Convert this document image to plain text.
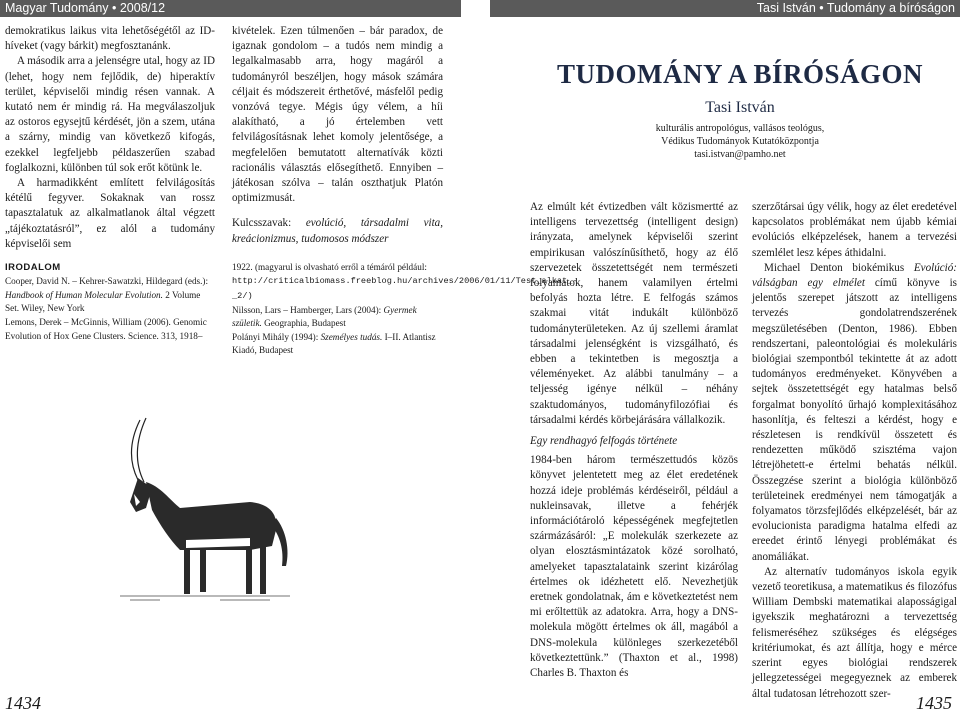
Magyar Tudomány • 2008/12	Tasi István • Tudomány a bíróságon

demokratikus laikus vita lehetőségétől az ID-híveket (vagy bárkit) megfosztanánk.

A második arra a jelenségre utal, hogy az ID (lehet, hogy nem fejlődik, de) hiperaktív terület, képviselői mindig résen vannak. A kutató nem ér mindig rá. Ha megválaszoljuk az ostoros egysejtű kérdését, jön a szem, utána a szárny, mindig van következő kifogás, ezekkel legfeljebb példaszerűen szabad foglalkozni, különben túl sok erőt kötünk le.

A harmadikként említett felvilágosítás kétélű fegyver. Sokaknak van rossz tapasztalatuk az alkalmatlanok által végzett „tájékoztatásról”, ez alól a tudomány képviselői sem

IRODALOM

Cooper, David N. – Kehrer-Sawatzki, Hildegard (eds.): Handbook of Human Molecular Evolution. 2 Volume Set. Wiley, New York

Lemons, Derek – McGinnis, William (2006). Genomic Evolution of Hox Gene Clusters. Science. 313, 1918–

kivételek. Ezen túlmenően – bár paradox, de igaznak gondolom – a tudós nem mindig a legalkalmasabb arra, hogy magáról a tudományról beszéljen, hogy mások számára céljait és módszereit érthetővé, másfelől pedig vonzóvá tegye. Mégis úgy vélem, a híi alakítható, a jó értelemben vett felvilágosításnak lehet komoly jelentősége, a megfelelően bemutatott alternatívák közti racionális választás elősegíthető. Ennyiben – játékosan szólva – talán oszthatjuk Platón optimizmusát.

Kulcsszavak: evolúció, társadalmi vita, kreácionizmus, tudomosos módszer

1922. (magyarul is olvasható erről a témáról például: http://criticalbiomass.freeblog.hu/archives/2006/01/11/Test_alkat_-_2/)

Nilsson, Lars – Hamberger, Lars (2004): Gyermek születik. Geographia, Budapest

Polányi Mihály (1994): Személyes tudás. I–II. Atlantisz Kiadó, Budapest

TUDOMÁNY A BÍRÓSÁGON
Tasi István
kulturális antropológus, vallásos teológus,
Védikus Tudományok Kutatóközpontja
tasi.istvan@pamho.net

Az elmúlt két évtizedben vált közismertté az intelligens tervezettség (intelligent design) irányzata, amelynek képviselői szerint empirikusan valószínűsíthető, hogy az élő szervezetek összetettségét nem természeti folyamatok, hanem valamilyen értelmi befolyás hozta létre. E felfogás számos szakmai vitát indukált különböző tudományterületeken. Az új szellemi áramlat társadalmi jelenségként is vizsgálható, és ebben a tekintetben is megosztja a véleményeket. Az alábbi tanulmány – a teljesség igénye nélkül – néhány szaktudományos, tudományfilozófiai és társadalmi kérdés körbejárására vállalkozik.

Egy rendhagyó felfogás története

1984-ben három természettudós közös könyvet jelentetett meg az élet eredetének hozzá ideje problémás kérdéseiről, például a nukleinsavak, illetve a fehérjék információtároló képességének megfejtetlen szármázásáról: „E molekulák szerkezete az olyan elosztásmintázatok közé sorolható, amelyeket tapasztalataink szerint kizárólag értelmes ok idézhetett elő. Nevezhetjük eretnek gondolatnak, ám e következtetést nem mi erőltettük az adatokra. Arra, hogy a DNS-molekula mögött értelmes ok áll, magából a DNS-molekula különleges szerkezetéből következtettünk.” (Thaxton et al., 1998) Charles B. Thaxton és

szerzőtársai úgy vélik, hogy az élet eredetével kapcsolatos problémákat nem újabb kémiai evolúciós elképzelések, hanem a tervezési szemlélet lesz képes áthidalni.

Michael Denton biokémikus Evolúció: válságban egy elmélet című könyve is jelentős szerepet játszott az intelligens tervezés gondolatrendszerének megszületésében (Denton, 1986). Ebben rendszertani, paleontológiai és molekuláris biológiai szempontból tekintette át az adott tudományos eredményeket. Könyvében a sejtek összetettségét egy hatalmas belső forgalmat bonyolító űrhajó komplexitásához hasonlítja, és felteszi a kérdést, hogy e részletesen is rendkívül összetett és rendezetten működő szisztéma vajon létrejöhetett-e értelmi behatás nélkül. Összegzése szerint a biológia különböző területeinek eredményei nem támogatják a folyamatos törzsfejlődés elképzelését, bár az evolucionista paradigma hatalma elfedi az ereedet érintő lényegi problémákat és anomáliákat.

Az alternatív tudományos iskola egyik vezető teoretikusa, a matematikus és filozófus William Dembski matematikai alaposságigal igyekszik meghatározni a tervezettség felismeréséhez szükséges és elégséges kritériumokat, és azt állítja, hogy e mérce szerint egyes biológiai rendszerek jellegzetességei megegyeznek az emberek által tudatosan létrehozott szer-

1434	1435
